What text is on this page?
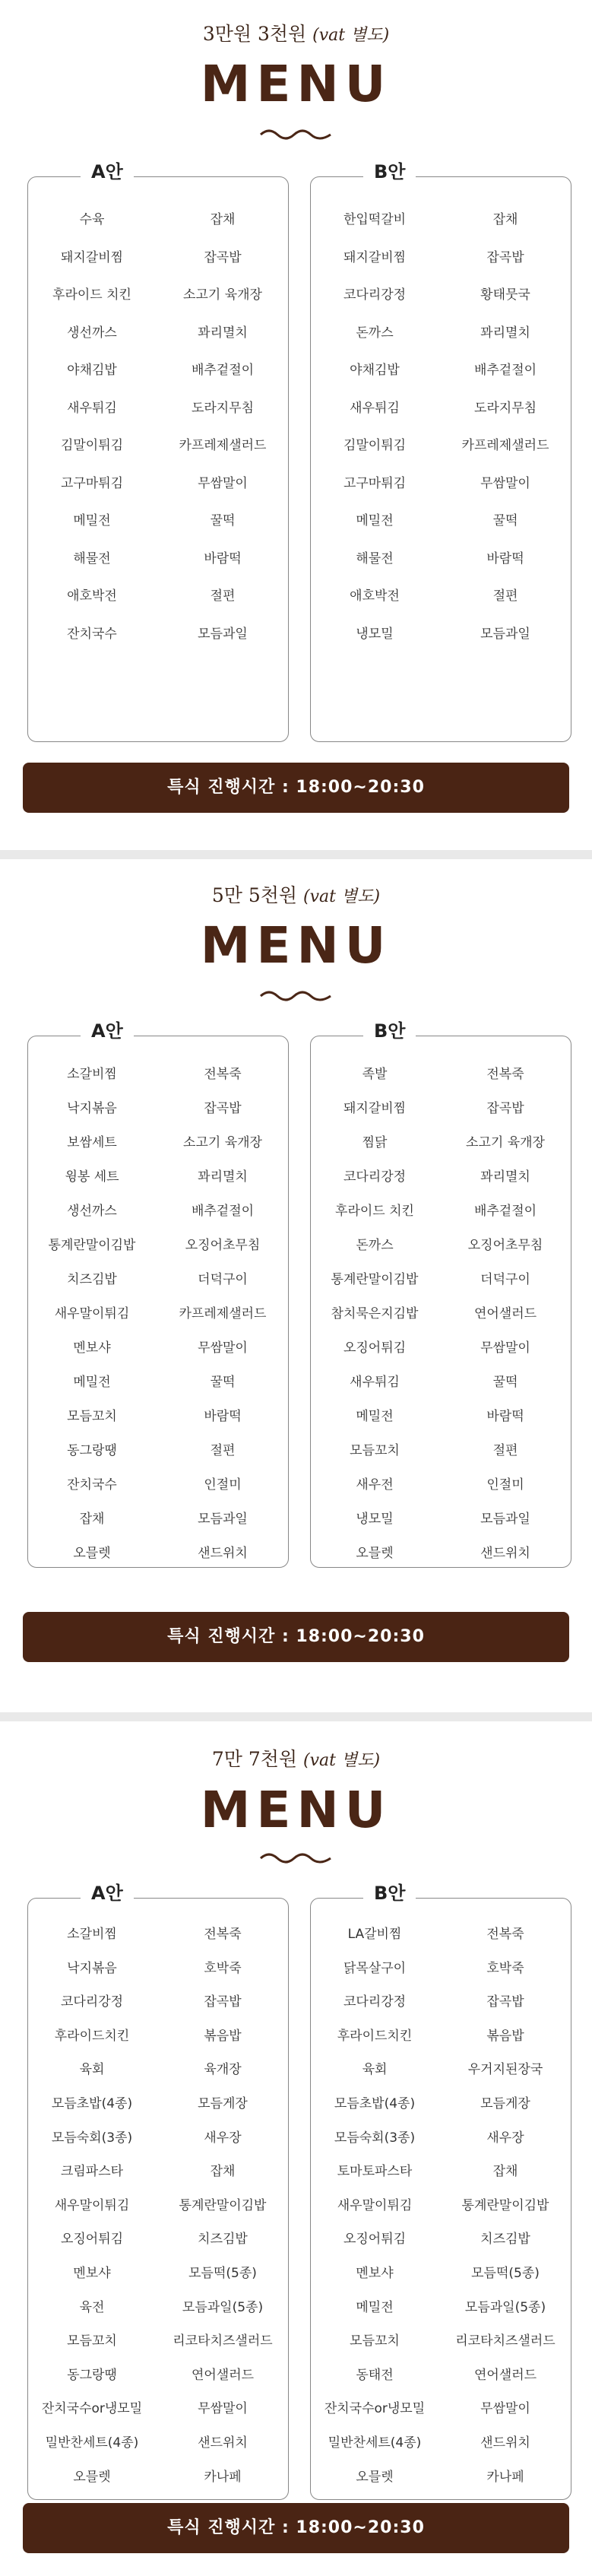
3만원 3천원 (vat 별도)
MENU
A안
수육	잡채
돼지갈비찜	잡곡밥
후라이드 치킨	소고기 육개장
생선까스	꽈리멸치
야채김밥	배추겉절이
새우튀김	도라지무침
김말이튀김	카프레제샐러드
고구마튀김	무쌈말이
메밀전	꿀떡
해물전	바람떡
애호박전	절편
잔치국수	모듬과일
B안
한입떡갈비	잡채
돼지갈비찜	잡곡밥
코다리강정	황태뭇국
돈까스	꽈리멸치
야채김밥	배추겉절이
새우튀김	도라지무침
김말이튀김	카프레제샐러드
고구마튀김	무쌈말이
메밀전	꿀떡
해물전	바람떡
애호박전	절편
냉모밀	모듬과일
특식 진행시간 : 18:00~20:30
5만 5천원 (vat 별도)
MENU
A안
소갈비찜	전복죽
낙지볶음	잡곡밥
보쌈세트	소고기 육개장
윙봉 세트	꽈리멸치
생선까스	배추겉절이
통계란말이김밥	오징어초무침
치즈김밥	더덕구이
새우말이튀김	카프레제샐러드
멘보샤	무쌈말이
메밀전	꿀떡
모듬꼬치	바람떡
동그랑땡	절편
잔치국수	인절미
잡채	모듬과일
오믈렛	샌드위치
B안
족발	전복죽
돼지갈비찜	잡곡밥
찜닭	소고기 육개장
코다리강정	꽈리멸치
후라이드 치킨	배추겉절이
돈까스	오징어초무침
통계란말이김밥	더덕구이
참치묵은지김밥	연어샐러드
오징어튀김	무쌈말이
새우튀김	꿀떡
메밀전	바람떡
모듬꼬치	절편
새우전	인절미
냉모밀	모듬과일
오믈렛	샌드위치
특식 진행시간 : 18:00~20:30
7만 7천원 (vat 별도)
MENU
A안
소갈비찜	전복죽
낙지볶음	호박죽
코다리강정	잡곡밥
후라이드치킨	볶음밥
육회	육개장
모듬초밥(4종)	모듬게장
모듬숙회(3종)	새우장
크림파스타	잡채
새우말이튀김	통계란말이김밥
오징어튀김	치즈김밥
멘보샤	모듬떡(5종)
육전	모듬과일(5종)
모듬꼬치	리코타치즈샐러드
동그랑땡	연어샐러드
잔치국수or냉모밀	무쌈말이
밀반찬세트(4종)	샌드위치
오믈렛	카나페
B안
LA갈비찜	전복죽
닭목살구이	호박죽
코다리강정	잡곡밥
후라이드치킨	볶음밥
육회	우거지된장국
모듬초밥(4종)	모듬게장
모듬숙회(3종)	새우장
토마토파스타	잡채
새우말이튀김	통계란말이김밥
오징어튀김	치즈김밥
멘보샤	모듬떡(5종)
메밀전	모듬과일(5종)
모듬꼬치	리코타치즈샐러드
동태전	연어샐러드
잔치국수or냉모밀	무쌈말이
밀반찬세트(4종)	샌드위치
오믈렛	카나페
특식 진행시간 : 18:00~20:30
